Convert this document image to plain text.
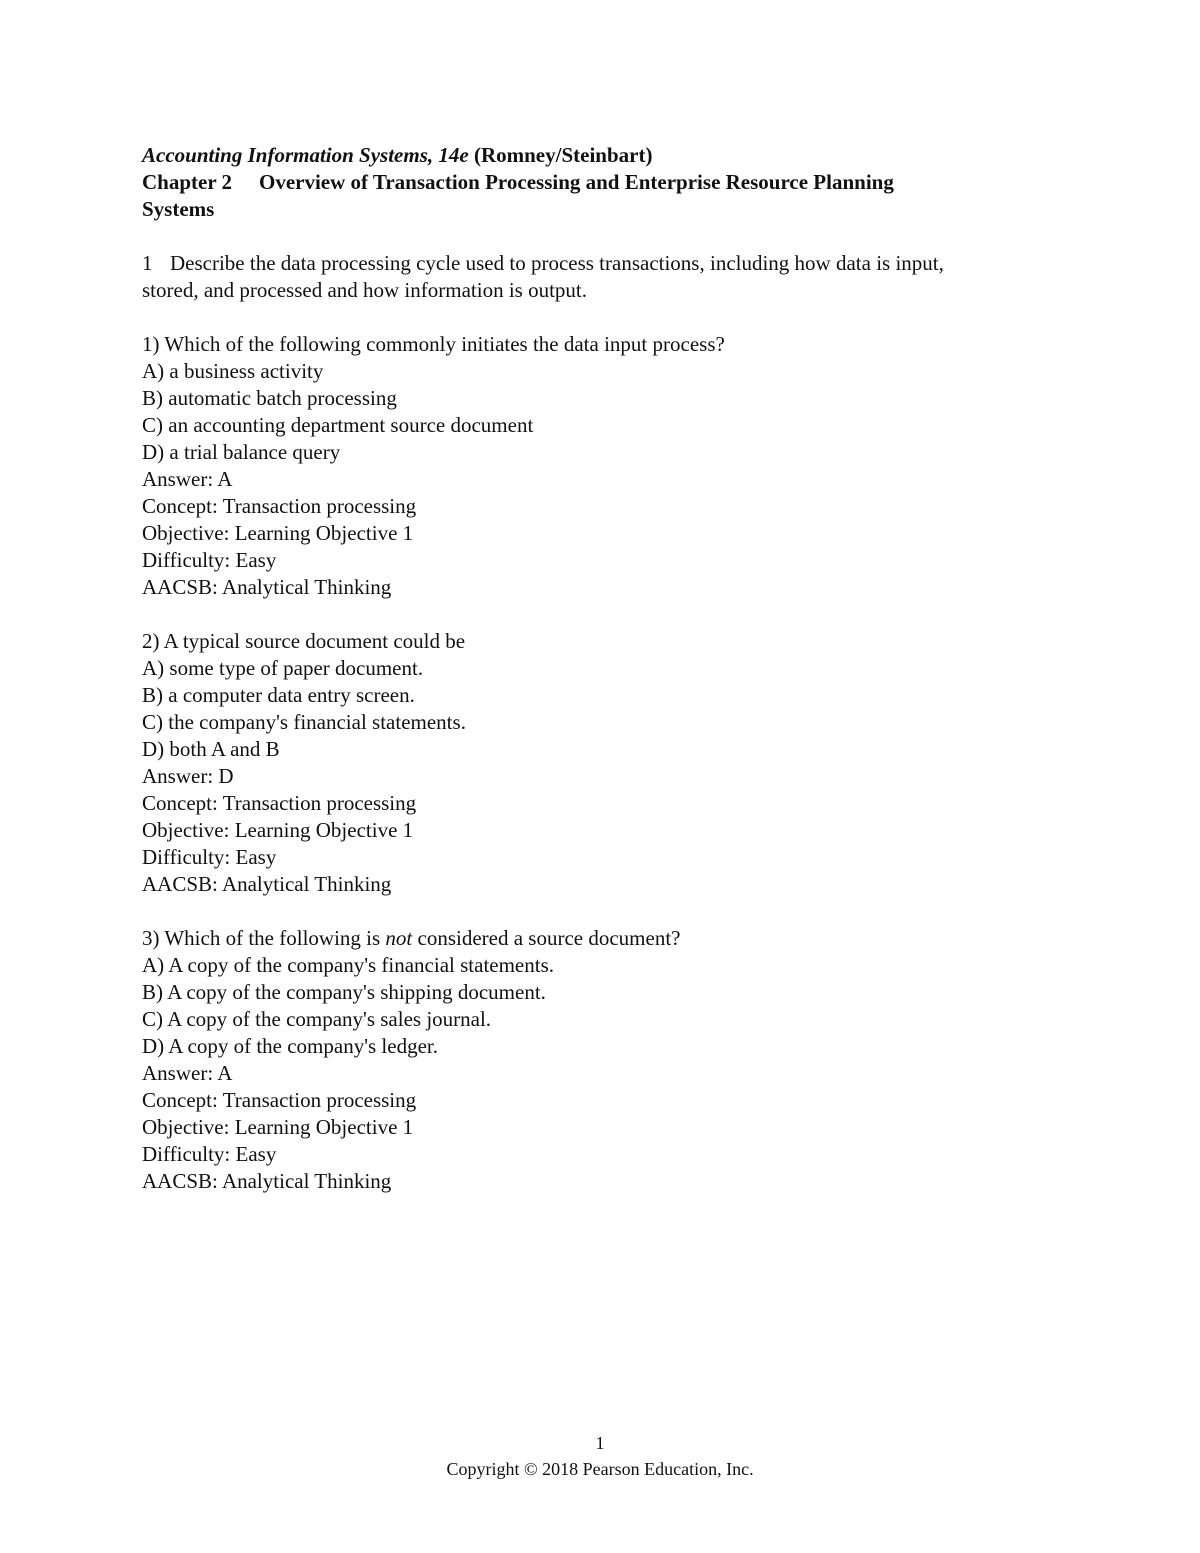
Accounting Information Systems, 14e (Romney/Steinbart)
Chapter 2 Overview of Transaction Processing and Enterprise Resource Planning
Systems
1 Describe the data processing cycle used to process transactions, including how data is input,
stored, and processed and how information is output.
1) Which of the following commonly initiates the data input process?
A) a business activity
B) automatic batch processing
C) an accounting department source document
D) a trial balance query
Answer: A
Concept: Transaction processing
Objective: Learning Objective 1
Difficulty: Easy
AACSB: Analytical Thinking
2) A typical source document could be
A) some type of paper document.
B) a computer data entry screen.
C) the company's financial statements.
D) both A and B
Answer: D
Concept: Transaction processing
Objective: Learning Objective 1
Difficulty: Easy
AACSB: Analytical Thinking
3) Which of the following is not considered a source document?
A) A copy of the company's financial statements.
B) A copy of the company's shipping document.
C) A copy of the company's sales journal.
D) A copy of the company's ledger.
Answer: A
Concept: Transaction processing
Objective: Learning Objective 1
Difficulty: Easy
AACSB: Analytical Thinking
1
Copyright © 2018 Pearson Education, Inc.
